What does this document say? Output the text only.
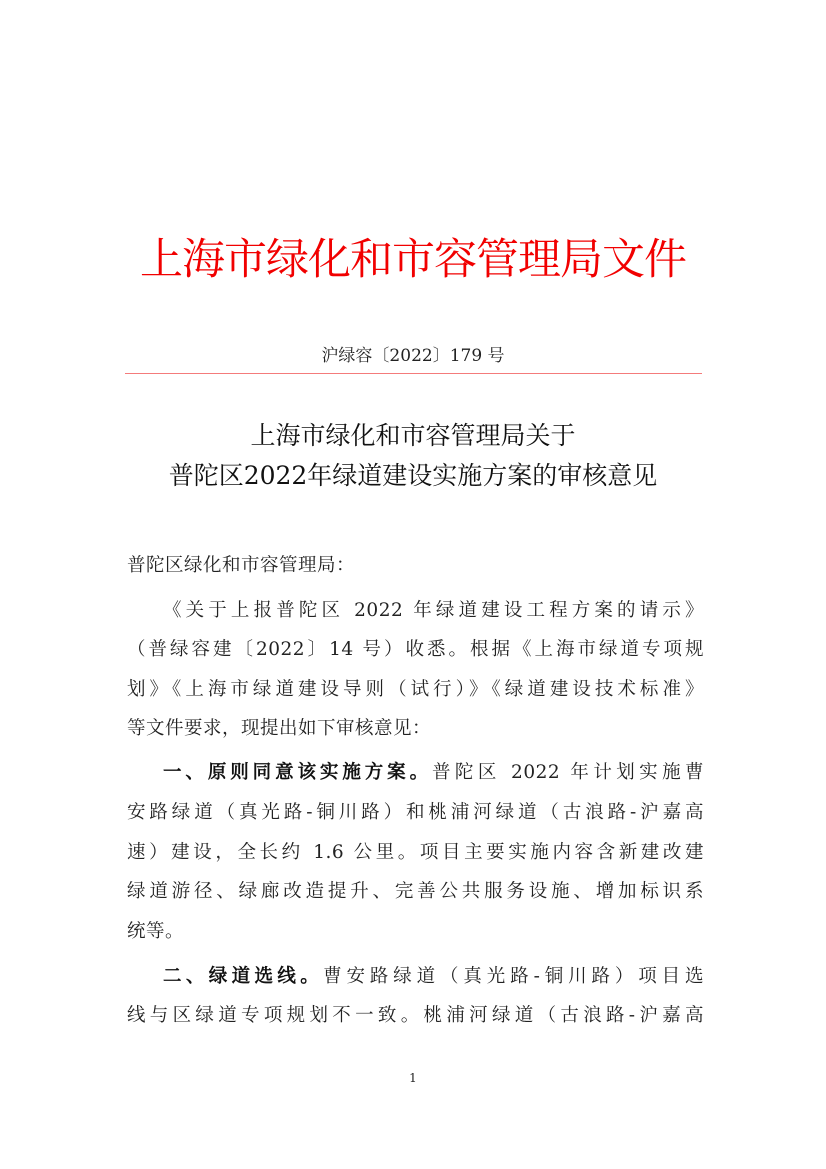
上海市绿化和市容管理局文件
沪绿容〔2022〕179 号
上海市绿化和市容管理局关于
普陀区2022年绿道建设实施方案的审核意见
普陀区绿化和市容管理局：
《关于上报普陀区 2022 年绿道建设工程方案的请示》
（普绿容建〔2022〕14 号）收悉。根据《上海市绿道专项规
划》《上海市绿道建设导则（试行）》《绿道建设技术标准》
等文件要求，现提出如下审核意见：
一、原则同意该实施方案。普陀区 2022 年计划实施曹
安路绿道（真光路-铜川路）和桃浦河绿道（古浪路-沪嘉高
速）建设，全长约 1.6 公里。项目主要实施内容含新建改建
绿道游径、绿廊改造提升、完善公共服务设施、增加标识系
统等。
二、绿道选线。曹安路绿道（真光路-铜川路）项目选
线与区绿道专项规划不一致。桃浦河绿道（古浪路-沪嘉高
1
